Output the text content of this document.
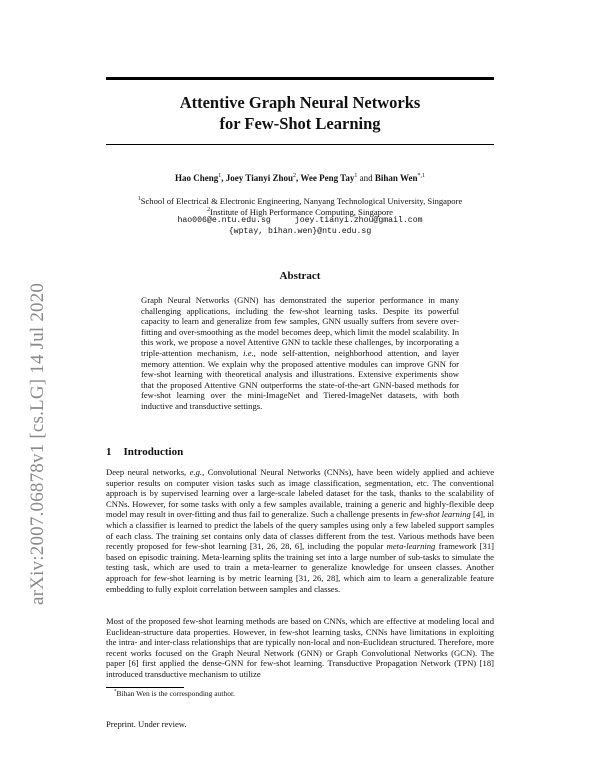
arXiv:2007.06878v1 [cs.LG] 14 Jul 2020
Attentive Graph Neural Networks
for Few-Shot Learning
Hao Cheng$^1$, Joey Tianyi Zhou$^2$, Wee Peng Tay$^1$ and Bihan Wen$^{*,1}$
$^1$School of Electrical & Electronic Engineering, Nanyang Technological University, Singapore
$^2$Institute of High Performance Computing, Singapore
hao006@e.ntu.edu.sg	joey.tianyi.zhou@gmail.com
{wptay, bihan.wen}@ntu.edu.sg
Abstract
Graph Neural Networks (GNN) has demonstrated the superior performance in many challenging applications, including the few-shot learning tasks. Despite its powerful capacity to learn and generalize from few samples, GNN usually suffers from severe over-fitting and over-smoothing as the model becomes deep, which limit the model scalability. In this work, we propose a novel Attentive GNN to tackle these challenges, by incorporating a triple-attention mechanism, i.e., node self-attention, neighborhood attention, and layer memory attention. We explain why the proposed attentive modules can improve GNN for few-shot learning with theoretical analysis and illustrations. Extensive experiments show that the proposed Attentive GNN outperforms the state-of-the-art GNN-based methods for few-shot learning over the mini-ImageNet and Tiered-ImageNet datasets, with both inductive and transductive settings.
1 Introduction
Deep neural networks, e.g., Convolutional Neural Networks (CNNs), have been widely applied and achieve superior results on computer vision tasks such as image classification, segmentation, etc. The conventional approach is by supervised learning over a large-scale labeled dataset for the task, thanks to the scalability of CNNs. However, for some tasks with only a few samples available, training a generic and highly-flexible deep model may result in over-fitting and thus fail to generalize. Such a challenge presents in few-shot learning [4], in which a classifier is learned to predict the labels of the query samples using only a few labeled support samples of each class. The training set contains only data of classes different from the test. Various methods have been recently proposed for few-shot learning [31, 26, 28, 6], including the popular meta-learning framework [31] based on episodic training. Meta-learning splits the training set into a large number of sub-tasks to simulate the testing task, which are used to train a meta-learner to generalize knowledge for unseen classes. Another approach for few-shot learning is by metric learning [31, 26, 28], which aim to learn a generalizable feature embedding to fully exploit correlation between samples and classes.
Most of the proposed few-shot learning methods are based on CNNs, which are effective at modeling local and Euclidean-structure data properties. However, in few-shot learning tasks, CNNs have limitations in exploiting the intra- and inter-class relationships that are typically non-local and non-Euclidean structured. Therefore, more recent works focused on the Graph Neural Network (GNN) or Graph Convolutional Networks (GCN). The paper [6] first applied the dense-GNN for few-shot learning. Transductive Propagation Network (TPN) [18] introduced transductive mechanism to utilize
*Bihan Wen is the corresponding author.
Preprint. Under review.
